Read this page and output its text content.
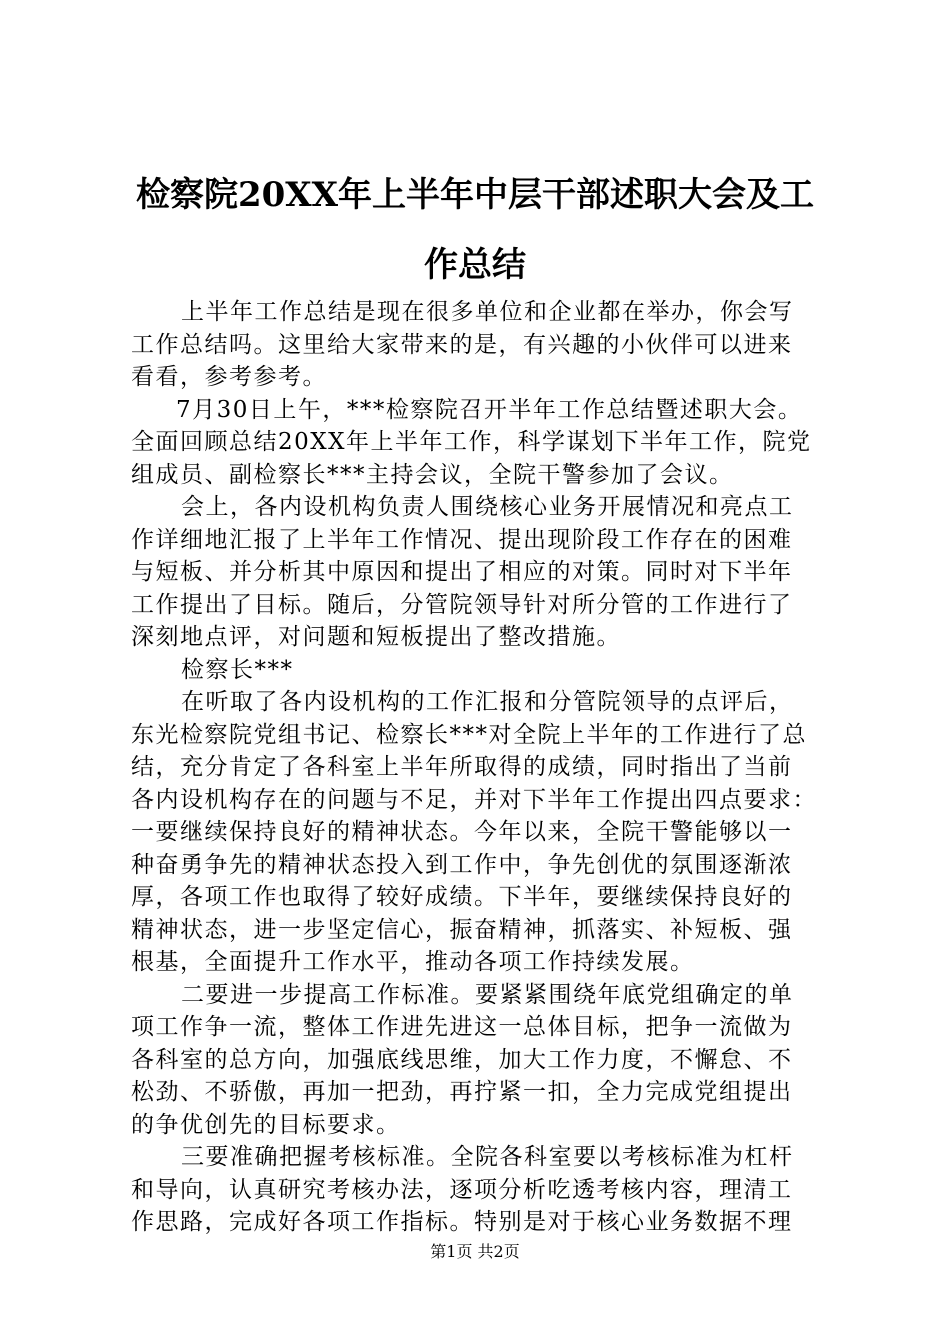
检察院20XX年上半年中层干部述职大会及工
作总结
上半年工作总结是现在很多单位和企业都在举办，你会写
工作总结吗。这里给大家带来的是，有兴趣的小伙伴可以进来
看看，参考参考。
7月30日上午，***检察院召开半年工作总结暨述职大会。
全面回顾总结20XX年上半年工作，科学谋划下半年工作，院党
组成员、副检察长***主持会议，全院干警参加了会议。
会上，各内设机构负责人围绕核心业务开展情况和亮点工
作详细地汇报了上半年工作情况、提出现阶段工作存在的困难
与短板、并分析其中原因和提出了相应的对策。同时对下半年
工作提出了目标。随后，分管院领导针对所分管的工作进行了
深刻地点评，对问题和短板提出了整改措施。
检察长***
在听取了各内设机构的工作汇报和分管院领导的点评后，
东光检察院党组书记、检察长***对全院上半年的工作进行了总
结，充分肯定了各科室上半年所取得的成绩，同时指出了当前
各内设机构存在的问题与不足，并对下半年工作提出四点要求：
一要继续保持良好的精神状态。今年以来，全院干警能够以一
种奋勇争先的精神状态投入到工作中，争先创优的氛围逐渐浓
厚，各项工作也取得了较好成绩。下半年，要继续保持良好的
精神状态，进一步坚定信心，振奋精神，抓落实、补短板、强
根基，全面提升工作水平，推动各项工作持续发展。
二要进一步提高工作标准。要紧紧围绕年底党组确定的单
项工作争一流，整体工作进先进这一总体目标，把争一流做为
各科室的总方向，加强底线思维，加大工作力度，不懈怠、不
松劲、不骄傲，再加一把劲，再拧紧一扣，全力完成党组提出
的争优创先的目标要求。
三要准确把握考核标准。全院各科室要以考核标准为杠杆
和导向，认真研究考核办法，逐项分析吃透考核内容，理清工
作思路，完成好各项工作指标。特别是对于核心业务数据不理
第1页 共2页
